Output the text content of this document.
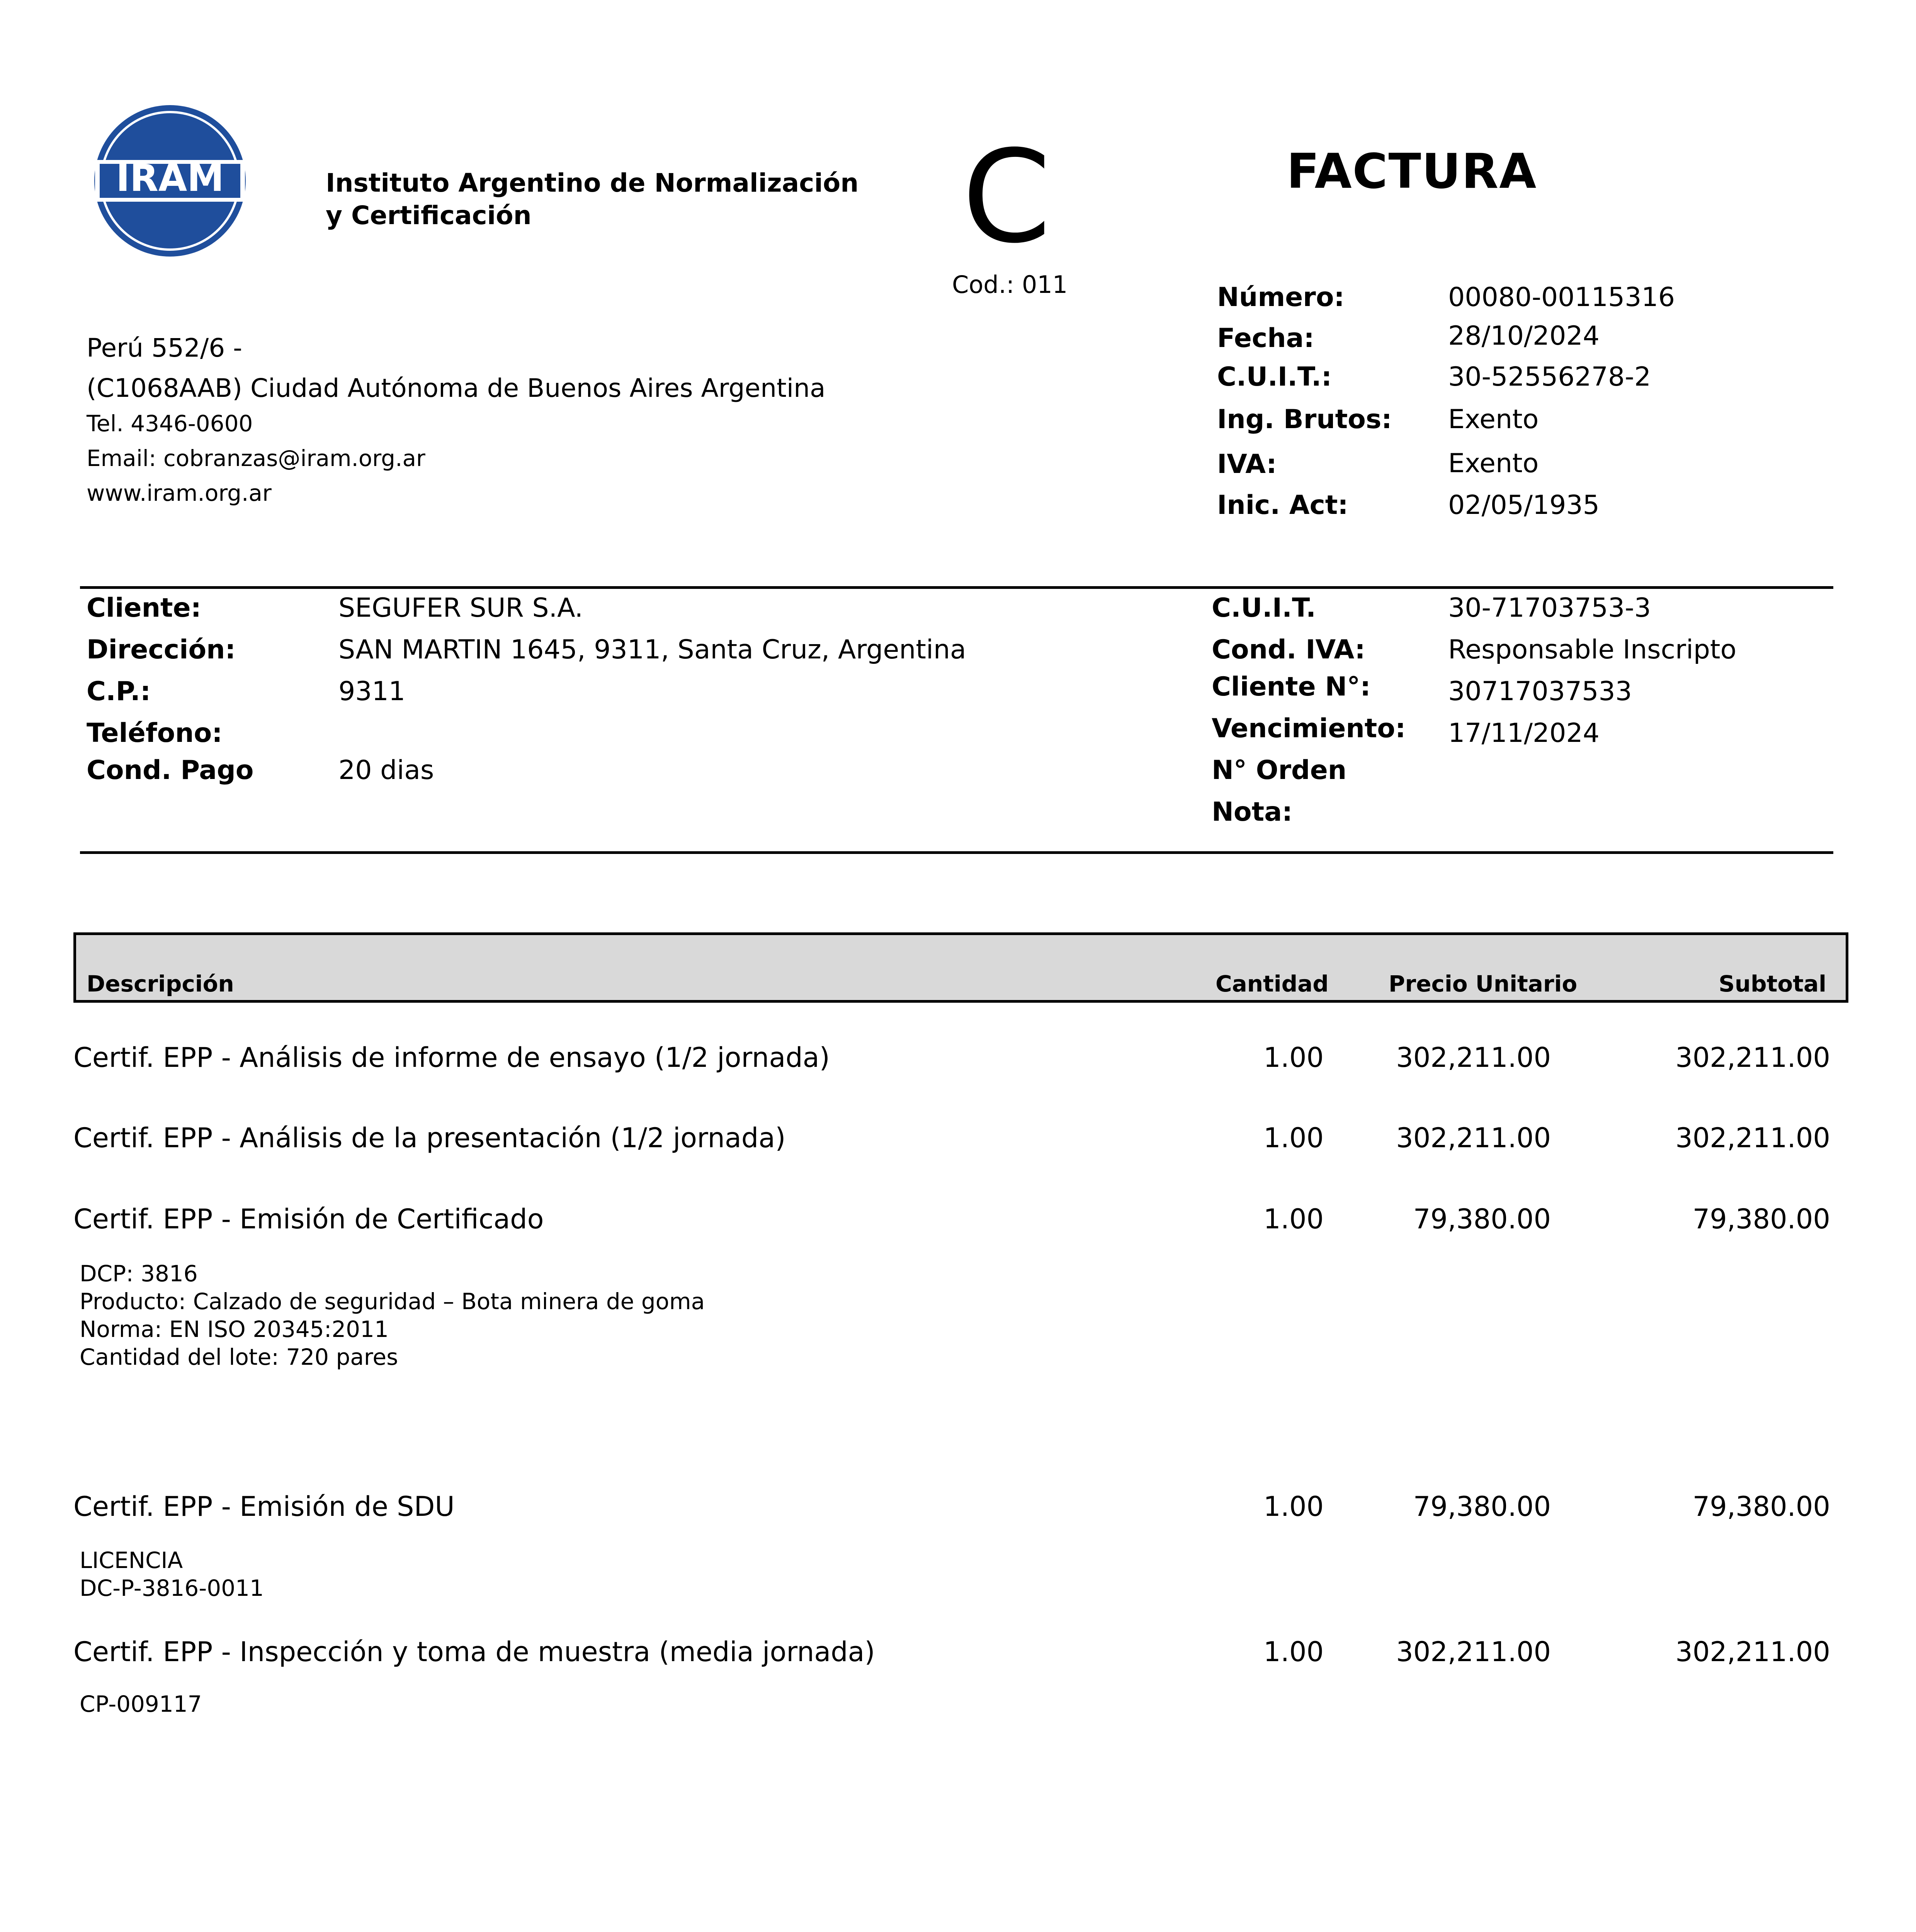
IRAM	Instituto Argentino de Normalización y Certificación	C
Cod.: 011
FACTURA
Perú 552/6 -
(C1068AAB) Ciudad Autónoma de Buenos Aires Argentina
Tel. 4346-0600
Email: cobranzas@iram.org.ar
www.iram.org.ar
Número:	00080-00115316
Fecha:	28/10/2024
C.U.I.T.:	30-52556278-2
Ing. Brutos: Exento
IVA:	Exento
Inic. Act:	02/05/1935
Cliente:	SEGUFER SUR S.A.
Dirección:	SAN MARTIN 1645, 9311, Santa Cruz, Argentina
C.P.:	9311
Teléfono:
Cond. Pago	20 dias
C.U.I.T.	30-71703753-3
Cond. IVA:	Responsable Inscripto
Cliente N°:	30717037533
Vencimiento: 17/11/2024
N° Orden
Nota:
Descripción	Cantidad	Precio Unitario	Subtotal
Certif. EPP - Análisis de informe de ensayo (1/2 jornada)	1.00	302,211.00	302,211.00
Certif. EPP - Análisis de la presentación (1/2 jornada)	1.00	302,211.00	302,211.00
Certif. EPP - Emisión de Certificado	1.00	79,380.00	79,380.00
DCP: 3816
Producto: Calzado de seguridad – Bota minera de goma
Norma: EN ISO 20345:2011
Cantidad del lote: 720 pares
Certif. EPP - Emisión de SDU	1.00	79,380.00	79,380.00
LICENCIA
DC-P-3816-0011
Certif. EPP - Inspección y toma de muestra (media jornada)	1.00	302,211.00	302,211.00
CP-009117
